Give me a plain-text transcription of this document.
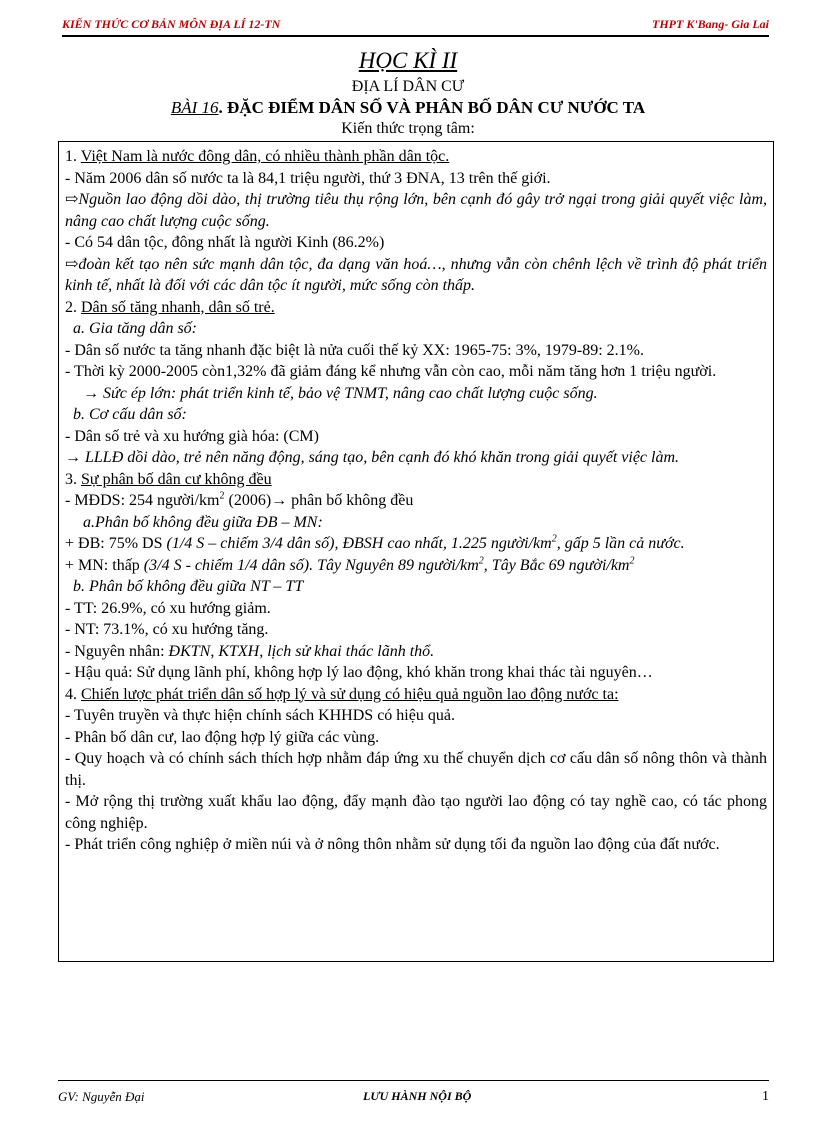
KIẾN THỨC CƠ BẢN MÔN ĐỊA LÍ 12-TN	THPT K'Bang- Gia Lai
HỌC KÌ II
ĐỊA LÍ DÂN CƯ
BÀI 16. ĐẶC ĐIỂM DÂN SỐ VÀ PHÂN BỐ DÂN CƯ NƯỚC TA
Kiến thức trọng tâm:
1. Việt Nam là nước đông dân, có nhiều thành phần dân tộc.
- Năm 2006 dân số nước ta là 84,1 triệu người, thứ 3 ĐNA, 13 trên thế giới.
⇨Nguồn lao động dồi dào, thị trường tiêu thụ rộng lớn, bên cạnh đó gây trở ngại trong giải quyết việc làm, nâng cao chất lượng cuộc sống.
- Có 54 dân tộc, đông nhất là người Kinh (86.2%)
⇨đoàn kết tạo nên sức mạnh dân tộc, đa dạng văn hoá…, nhưng vẫn còn chênh lệch về trình độ phát triển kinh tế, nhất là đối với các dân tộc ít người, mức sống còn thấp.
2. Dân số tăng nhanh, dân số trẻ.
a. Gia tăng dân số:
- Dân số nước ta tăng nhanh đặc biệt là nửa cuối thế kỷ XX: 1965-75: 3%, 1979-89: 2.1%.
- Thời kỳ 2000-2005 còn1,32% đã giảm đáng kể nhưng vẫn còn cao, mỗi năm tăng hơn 1 triệu người.
→ Sức ép lớn: phát triển kinh tế, bảo vệ TNMT, nâng cao chất lượng cuộc sống.
b. Cơ cấu dân số:
- Dân số trẻ và xu hướng già hóa: (CM)
→ LLLĐ dồi dào, trẻ nên năng động, sáng tạo, bên cạnh đó khó khăn trong giải quyết việc làm.
3. Sự phân bố dân cư không đều
- MĐDS: 254 người/$km^2$ (2006)→ phân bố không đều
a.Phân bố không đều giữa ĐB – MN:
+ ĐB: 75% DS (1/4 S – chiếm 3/4 dân số), ĐBSH cao nhất, 1.225 người/$km^2$, gấp 5 lần cả nước.
+ MN: thấp (3/4 S - chiếm 1/4 dân số). Tây Nguyên 89 người/$km^2$, Tây Bắc 69 người/$km^2$
b. Phân bố không đều giữa NT – TT
- TT: 26.9%, có xu hướng giảm.
- NT: 73.1%, có xu hướng tăng.
- Nguyên nhân: ĐKTN, KTXH, lịch sử khai thác lãnh thổ.
- Hậu quả: Sử dụng lãnh phí, không hợp lý lao động, khó khăn trong khai thác tài nguyên…
4. Chiến lược phát triển dân số hợp lý và sử dụng có hiệu quả nguồn lao động nước ta:
- Tuyên truyền và thực hiện chính sách KHHDS có hiệu quả.
- Phân bố dân cư, lao động hợp lý giữa các vùng.
- Quy hoạch và có chính sách thích hợp nhằm đáp ứng xu thế chuyển dịch cơ cấu dân số nông thôn và thành thị.
- Mở rộng thị trường xuất khẩu lao động, đẩy mạnh đào tạo người lao động có tay nghề cao, có tác phong công nghiệp.
- Phát triển công nghiệp ở miền núi và ở nông thôn nhằm sử dụng tối đa nguồn lao động của đất nước.
GV: Nguyễn Đại	LƯU HÀNH NỘI BỘ	1
